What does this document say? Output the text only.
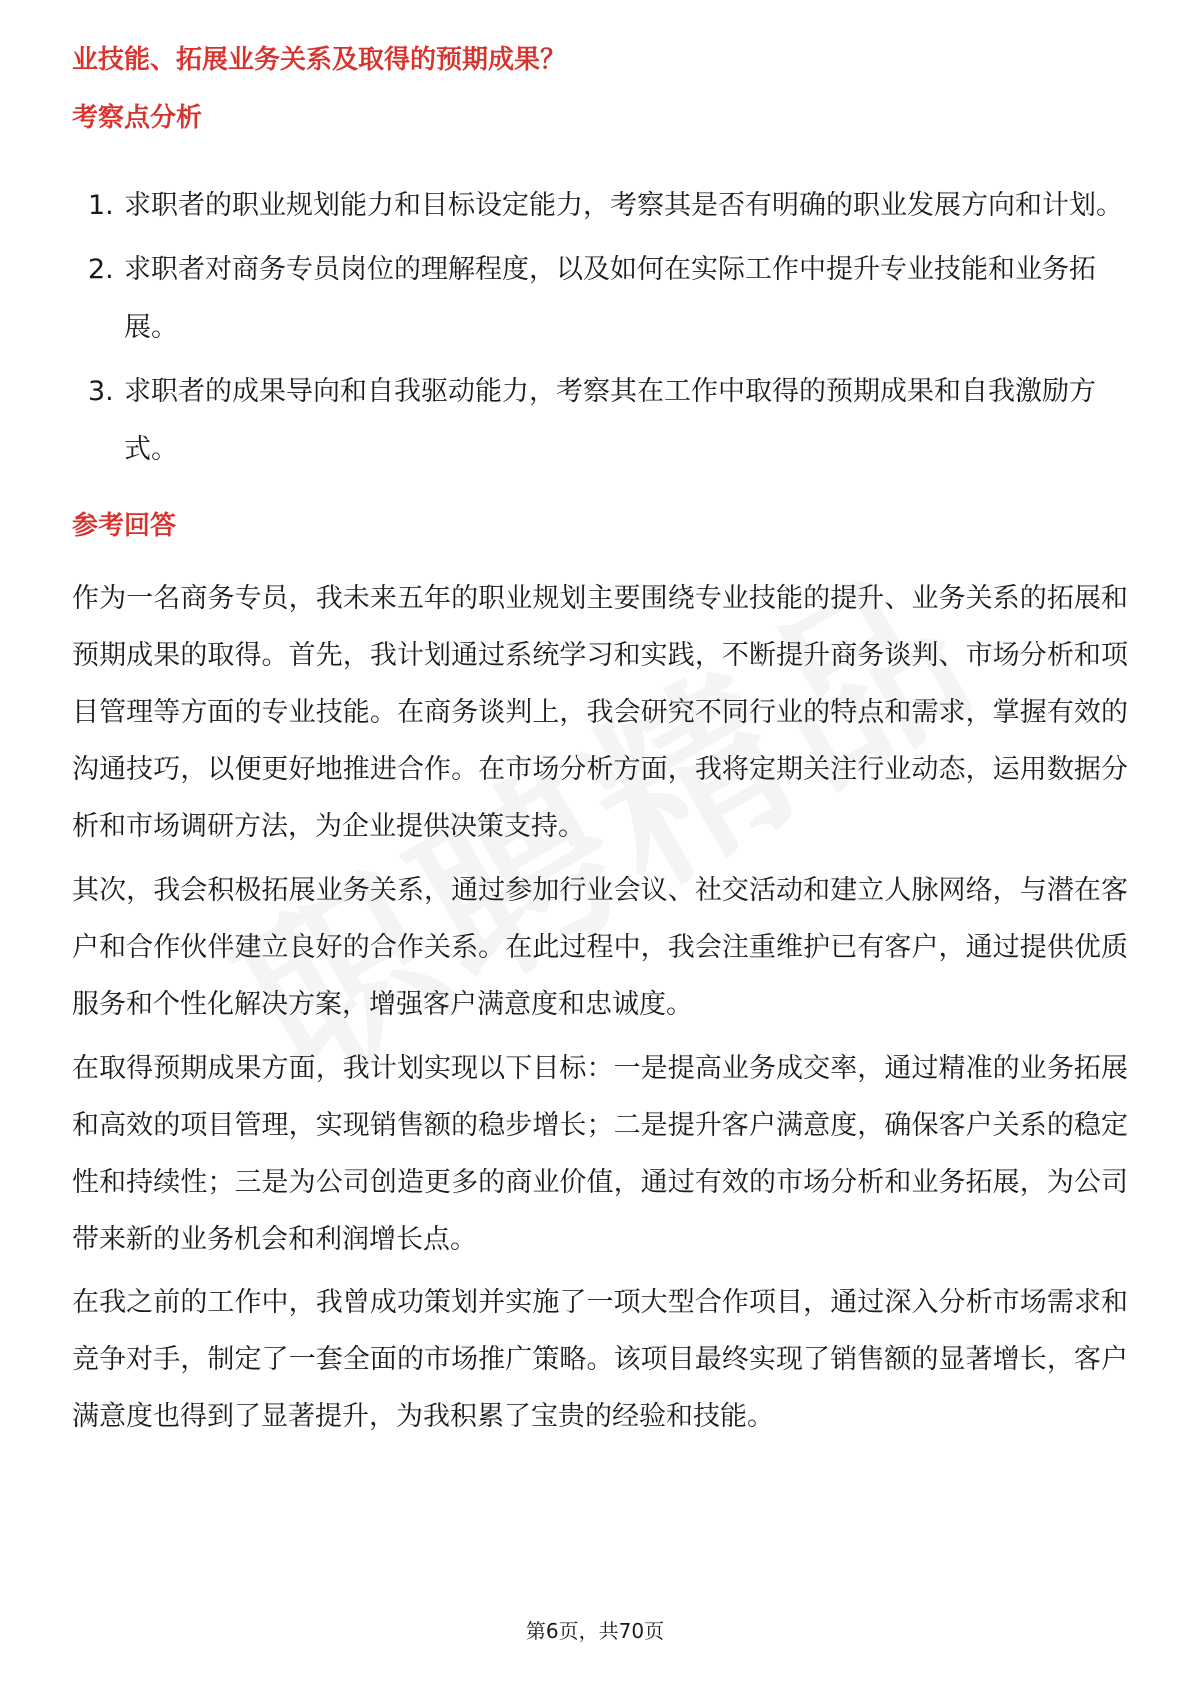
业技能、拓展业务关系及取得的预期成果？
考察点分析
1. 求职者的职业规划能力和目标设定能力，考察其是否有明确的职业发展方向和计划。
2. 求职者对商务专员岗位的理解程度，以及如何在实际工作中提升专业技能和业务拓展。
3. 求职者的成果导向和自我驱动能力，考察其在工作中取得的预期成果和自我激励方式。
参考回答

作为一名商务专员，我未来五年的职业规划主要围绕专业技能的提升、业务关系的拓展和预期成果的取得。首先，我计划通过系统学习和实践，不断提升商务谈判、市场分析和项目管理等方面的专业技能。在商务谈判上，我会研究不同行业的特点和需求，掌握有效的沟通技巧，以便更好地推进合作。在市场分析方面，我将定期关注行业动态，运用数据分析和市场调研方法，为企业提供决策支持。

其次，我会积极拓展业务关系，通过参加行业会议、社交活动和建立人脉网络，与潜在客户和合作伙伴建立良好的合作关系。在此过程中，我会注重维护已有客户，通过提供优质服务和个性化解决方案，增强客户满意度和忠诚度。

在取得预期成果方面，我计划实现以下目标：一是提高业务成交率，通过精准的业务拓展和高效的项目管理，实现销售额的稳步增长；二是提升客户满意度，确保客户关系的稳定性和持续性；三是为公司创造更多的商业价值，通过有效的市场分析和业务拓展，为公司带来新的业务机会和利润增长点。

在我之前的工作中，我曾成功策划并实施了一项大型合作项目，通过深入分析市场需求和竞争对手，制定了一套全面的市场推广策略。该项目最终实现了销售额的显著增长，客户满意度也得到了显著提升，为我积累了宝贵的经验和技能。

第6页，共70页
